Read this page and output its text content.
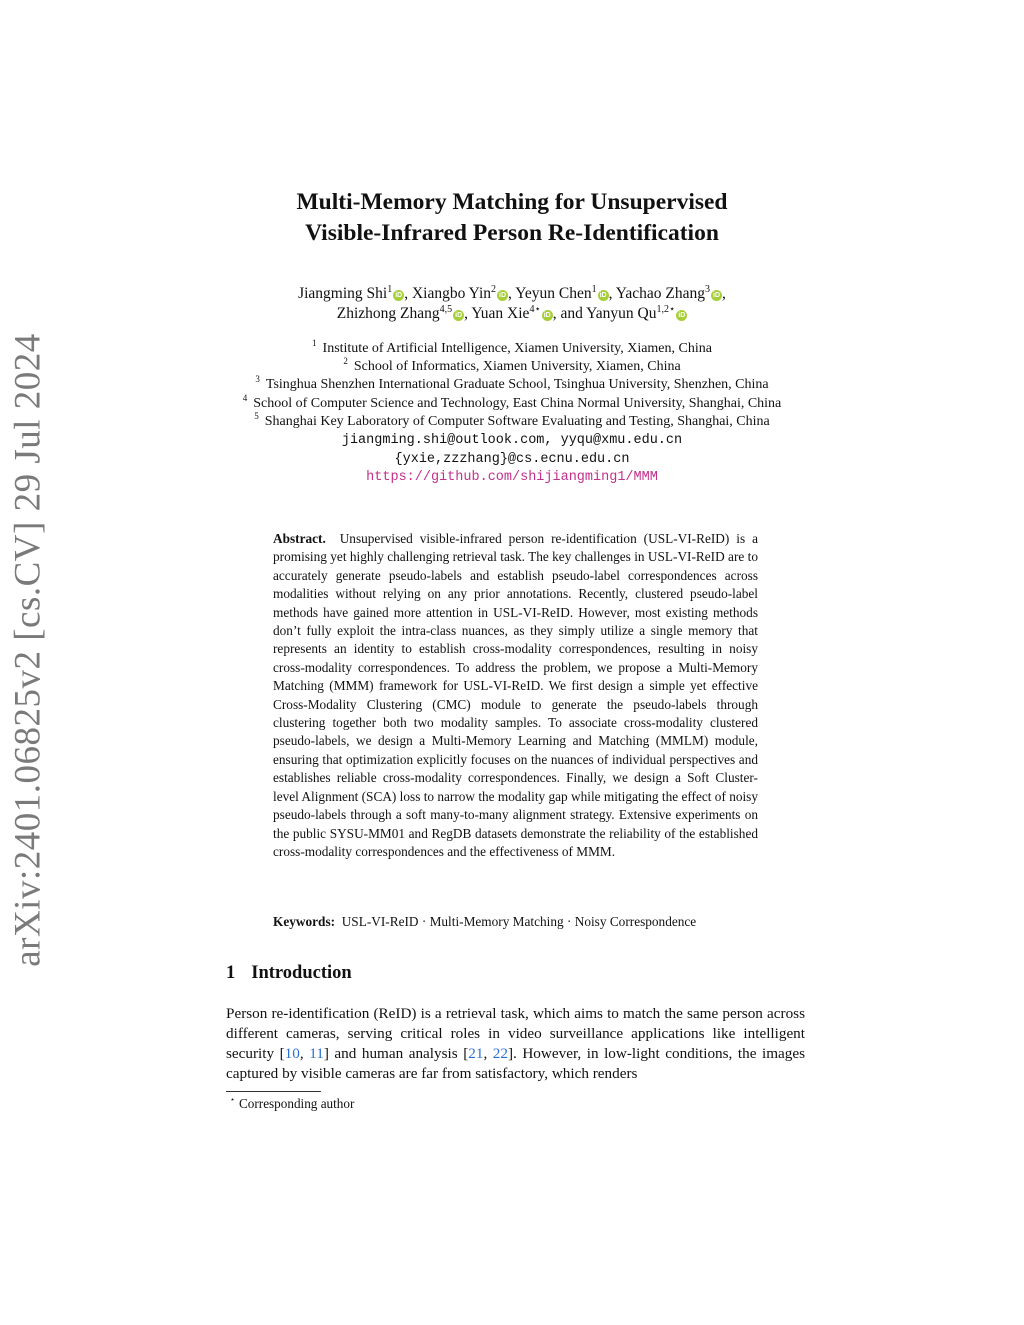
arXiv:2401.06825v2 [cs.CV] 29 Jul 2024
Multi-Memory Matching for Unsupervised
Visible-Infrared Person Re-Identification
Jiangming Shi$^1$iD , Xiangbo Yin$^2$iD , Yeyun Chen$^1$iD , Yachao Zhang$^3$iD ,
Zhizhong Zhang$^{4,5}$iD , Yuan Xie$^{4⋆}$iD , and Yanyun $Qu^{1,2⋆}iD$
$^1$ Institute of Artificial Intelligence, Xiamen University, Xiamen, China
$^2$ School of Informatics, Xiamen University, Xiamen, China
$^3$ Tsinghua Shenzhen International Graduate School, Tsinghua University, Shenzhen, China
$^4$ School of Computer Science and Technology, East China Normal University, Shanghai, China
$^5$ Shanghai Key Laboratory of Computer Software Evaluating and Testing, Shanghai, China
jiangming.shi@outlook.com, yyqu@xmu.edu.cn
{yxie,zzzhang}@cs.ecnu.edu.cn
https://github.com/shijiangming1/MMM
Abstract. Unsupervised visible-infrared person re-identification (USL-VI-ReID) is a promising yet highly challenging retrieval task. The key challenges in USL-VI-ReID are to accurately generate pseudo-labels and establish pseudo-label correspondences across modalities without relying on any prior annotations. Recently, clustered pseudo-label methods have gained more attention in USL-VI-ReID. However, most existing methods don’t fully exploit the intra-class nuances, as they simply utilize a single memory that represents an identity to establish cross-modality correspondences, resulting in noisy cross-modality correspondences. To address the problem, we propose a Multi-Memory Matching (MMM) framework for USL-VI-ReID. We first design a simple yet effective Cross-Modality Clustering (CMC) module to generate the pseudo-labels through clustering together both two modality samples. To associate cross-modality clustered pseudo-labels, we design a Multi-Memory Learning and Matching (MMLM) module, ensuring that optimization explicitly focuses on the nuances of individual perspectives and establishes reliable cross-modality correspondences. Finally, we design a Soft Cluster-level Alignment (SCA) loss to narrow the modality gap while mitigating the effect of noisy pseudo-labels through a soft many-to-many alignment strategy. Extensive experiments on the public SYSU-MM01 and RegDB datasets demonstrate the reliability of the established cross-modality correspondences and the effectiveness of MMM.
Keywords: USL-VI-ReID · Multi-Memory Matching · Noisy Correspondence
1 Introduction
Person re-identification (ReID) is a retrieval task, which aims to match the same person across different cameras, serving critical roles in video surveillance applications like intelligent security [10, 11] and human analysis [21, 22]. However, in low-light conditions, the images captured by visible cameras are far from satisfactory, which renders
⋆ Corresponding author
